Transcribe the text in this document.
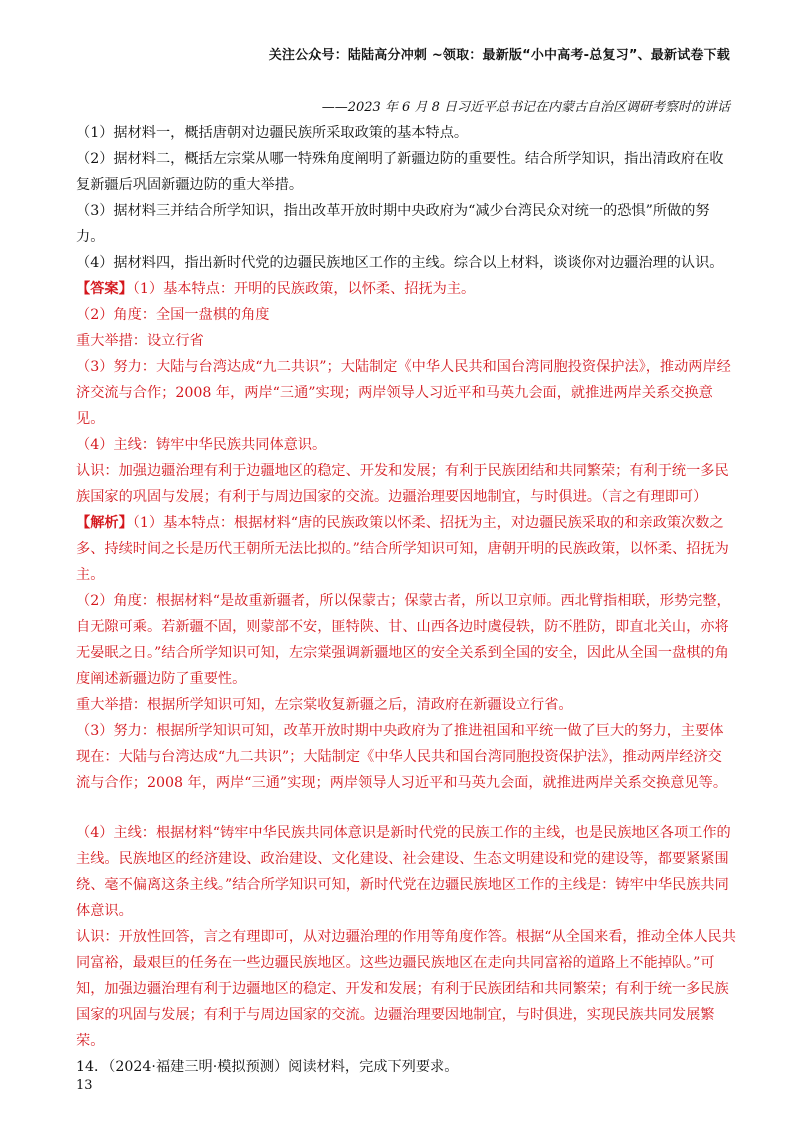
关注公众号：陆陆高分冲刺 ~领取：最新版“小中高考-总复习”、最新试卷下载
——2023 年 6 月 8 日习近平总书记在内蒙古自治区调研考察时的讲话

（1）据材料一，概括唐朝对边疆民族所采取政策的基本特点。

（2）据材料二，概括左宗棠从哪一特殊角度阐明了新疆边防的重要性。结合所学知识，指出清政府在收复新疆后巩固新疆边防的重大举措。

（3）据材料三并结合所学知识，指出改革开放时期中央政府为“减少台湾民众对统一的恐惧”所做的努力。

（4）据材料四，指出新时代党的边疆民族地区工作的主线。综合以上材料，谈谈你对边疆治理的认识。

【答案】（1）基本特点：开明的民族政策，以怀柔、招抚为主。

（2）角度：全国一盘棋的角度

重大举措：设立行省

（3）努力：大陆与台湾达成“九二共识”；大陆制定《中华人民共和国台湾同胞投资保护法》，推动两岸经济交流与合作；2008 年，两岸“三通”实现；两岸领导人习近平和马英九会面，就推进两岸关系交换意见。

（4）主线：铸牢中华民族共同体意识。

认识：加强边疆治理有利于边疆地区的稳定、开发和发展；有利于民族团结和共同繁荣；有利于统一多民族国家的巩固与发展；有利于与周边国家的交流。边疆治理要因地制宜，与时俱进。（言之有理即可）

【解析】（1）基本特点：根据材料“唐的民族政策以怀柔、招抚为主，对边疆民族采取的和亲政策次数之多、持续时间之长是历代王朝所无法比拟的。”结合所学知识可知，唐朝开明的民族政策，以怀柔、招抚为主。

（2）角度：根据材料“是故重新疆者，所以保蒙古；保蒙古者，所以卫京师。西北臂指相联，形势完整，自无隙可乘。若新疆不固，则蒙部不安，匪特陕、甘、山西各边时虞侵轶，防不胜防，即直北关山，亦将无晏眠之日。”结合所学知识可知，左宗棠强调新疆地区的安全关系到全国的安全，因此从全国一盘棋的角度阐述新疆边防了重要性。

重大举措：根据所学知识可知，左宗棠收复新疆之后，清政府在新疆设立行省。

（3）努力：根据所学知识可知，改革开放时期中央政府为了推进祖国和平统一做了巨大的努力，主要体现在：大陆与台湾达成“九二共识”；大陆制定《中华人民共和国台湾同胞投资保护法》，推动两岸经济交流与合作；2008 年，两岸“三通”实现；两岸领导人习近平和马英九会面，就推进两岸关系交换意见等。

（4）主线：根据材料“铸牢中华民族共同体意识是新时代党的民族工作的主线，也是民族地区各项工作的主线。民族地区的经济建设、政治建设、文化建设、社会建设、生态文明建设和党的建设等，都要紧紧围绕、毫不偏离这条主线。”结合所学知识可知，新时代党在边疆民族地区工作的主线是：铸牢中华民族共同体意识。

认识：开放性回答，言之有理即可，从对边疆治理的作用等角度作答。根据“从全国来看，推动全体人民共同富裕，最艰巨的任务在一些边疆民族地区。这些边疆民族地区在走向共同富裕的道路上不能掉队。”可知，加强边疆治理有利于边疆地区的稳定、开发和发展；有利于民族团结和共同繁荣；有利于统一多民族国家的巩固与发展；有利于与周边国家的交流。边疆治理要因地制宜，与时俱进，实现民族共同发展繁荣。

14．（2024·福建三明·模拟预测）阅读材料，完成下列要求。

13
